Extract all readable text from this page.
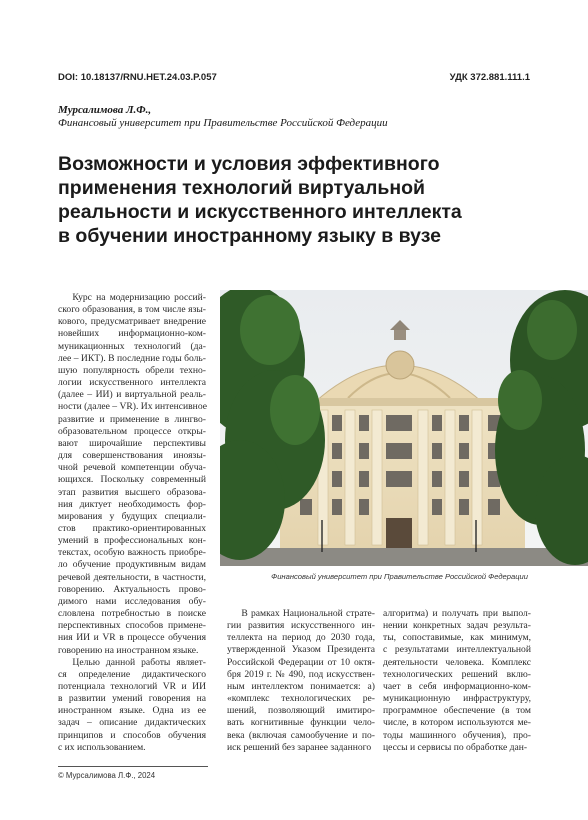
DOI: 10.18137/RNU.HET.24.03.P.057	УДК 372.881.111.1
Мурсалимова Л.Ф.,
Финансовый университет при Правительстве Российской Федерации
Возможности и условия эффективного
применения технологий виртуальной
реальности и искусственного интеллекта
в обучении иностранному языку в вузе
  Курс на модернизацию россий-
ского образования, в том числе язы-
кового, предусматривает внедрение
новейших информационно-ком-
муникационных технологий (да-
лее – ИКТ). В последние годы боль-
шую популярность обрели техно-
логии искусственного интеллекта
(далее – ИИ) и виртуальной реаль-
ности (далее – VR). Их интенсивное
развитие и применение в лингво-
образовательном процессе откры-
вают широчайшие перспективы
для совершенствования иноязы-
чной речевой компетенции обуча-
ющихся. Поскольку современный
этап развития высшего образова-
ния диктует необходимость фор-
мирования у будущих специали-
стов практико-ориентированных
умений в профессиональных кон-
текстах, особую важность приобре-
ло обучение продуктивным видам
речевой деятельности, в частности,
говорению. Актуальность прово-
димого нами исследования обу-
словлена потребностью в поиске
перспективных способов примене-
ния ИИ и VR в процессе обучения
говорению на иностранном языке.
  Целью данной работы являет-
ся определение дидактического
потенциала технологий VR и ИИ
в развитии умений говорения на
иностранном языке. Одна из ее
задач – описание дидактических
принципов и способов обучения
с их использованием.
Финансовый университет при Правительстве Российской Федерации
  В рамках Национальной страте-
гии развития искусственного ин-
теллекта на период до 2030 года,
утвержденной Указом Президента
Российской Федерации от 10 октя-
бря 2019 г. № 490, под искусствен-
ным интеллектом понимается: а)
«комплекс технологических ре-
шений, позволяющий имитиро-
вать когнитивные функции чело-
века (включая самообучение и по-
иск решений без заранее заданного
алгоритма) и получать при выпол-
нении конкретных задач результа-
ты, сопоставимые, как минимум,
с результатами интеллектуальной
деятельности человека. Комплекс
технологических решений вклю-
чает в себя информационно-ком-
муникационную инфраструктуру,
программное обеспечение (в том
числе, в котором используются ме-
тоды машинного обучения), про-
цессы и сервисы по обработке дан-
© Мурсалимова Л.Ф., 2024
